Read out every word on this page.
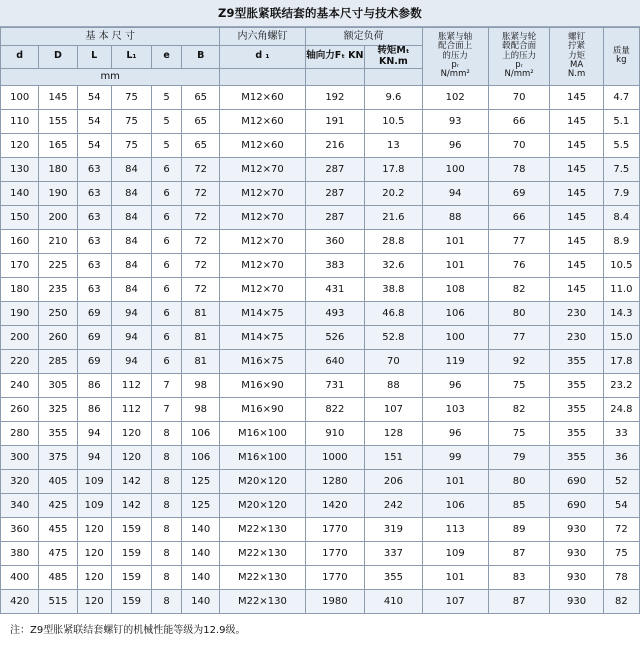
Z9型胀紧联结套的基本尺寸与技术参数
基 本 尺 寸						内六角螺钉	额定负荷		胀紧与轴
配合面上
的压力
pᵣ
N/mm²	胀紧与轮
毂配合面
上的压力
pᵣ
N/mm²	螺钉
拧紧
力矩
MA
N.m	质量
kg
d	D	L	L₁	e	B	d ₁	轴向力Fₜ KN	转矩Mₜ KN.m				
mm												
100	145	54	75	5	65	M12×60	192	9.6	102	70	145	4.7
110	155	54	75	5	65	M12×60	191	10.5	93	66	145	5.1
120	165	54	75	5	65	M12×60	216	13	96	70	145	5.5
130	180	63	84	6	72	M12×70	287	17.8	100	78	145	7.5
140	190	63	84	6	72	M12×70	287	20.2	94	69	145	7.9
150	200	63	84	6	72	M12×70	287	21.6	88	66	145	8.4
160	210	63	84	6	72	M12×70	360	28.8	101	77	145	8.9
170	225	63	84	6	72	M12×70	383	32.6	101	76	145	10.5
180	235	63	84	6	72	M12×70	431	38.8	108	82	145	11.0
190	250	69	94	6	81	M14×75	493	46.8	106	80	230	14.3
200	260	69	94	6	81	M14×75	526	52.8	100	77	230	15.0
220	285	69	94	6	81	M16×75	640	70	119	92	355	17.8
240	305	86	112	7	98	M16×90	731	88	96	75	355	23.2
260	325	86	112	7	98	M16×90	822	107	103	82	355	24.8
280	355	94	120	8	106	M16×100	910	128	96	75	355	33
300	375	94	120	8	106	M16×100	1000	151	99	79	355	36
320	405	109	142	8	125	M20×120	1280	206	101	80	690	52
340	425	109	142	8	125	M20×120	1420	242	106	85	690	54
360	455	120	159	8	140	M22×130	1770	319	113	89	930	72
380	475	120	159	8	140	M22×130	1770	337	109	87	930	75
400	485	120	159	8	140	M22×130	1770	355	101	83	930	78
420	515	120	159	8	140	M22×130	1980	410	107	87	930	82
注：Z9型胀紧联结套螺钉的机械性能等级为12.9级。
